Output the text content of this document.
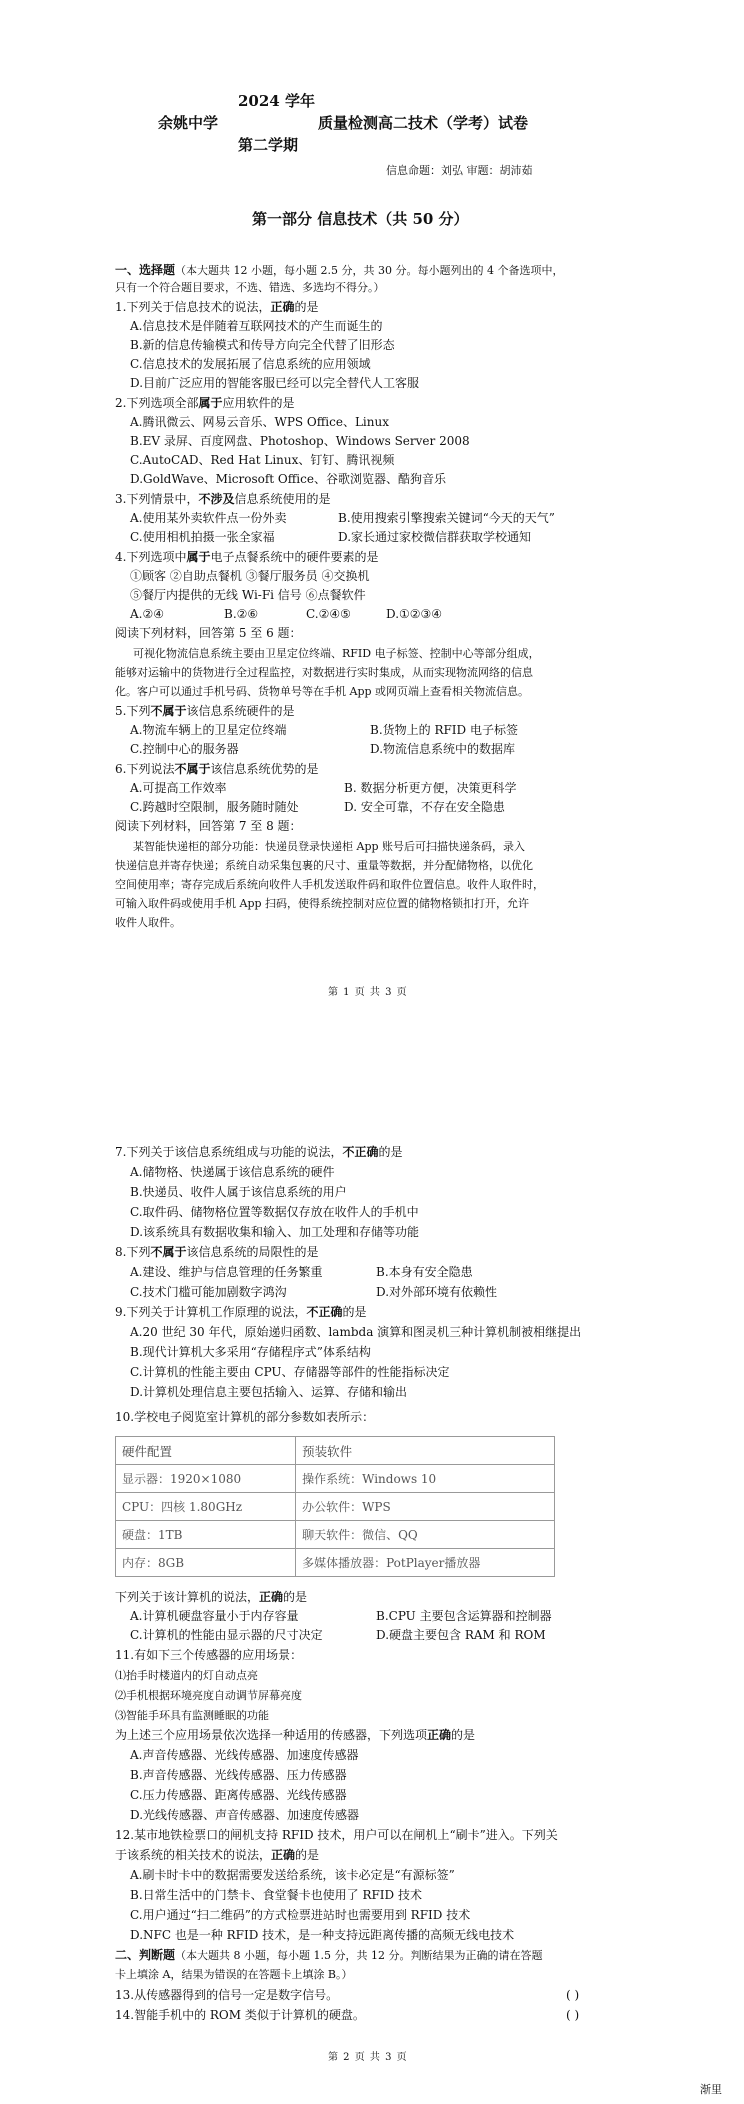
2024 学年
余姚中学	质量检测高二技术（学考）试卷
第二学期
信息命题：刘弘 审题：胡沛茹
第一部分 信息技术（共 50 分）
一、选择题（本大题共 12 小题，每小题 2.5 分，共 30 分。每小题列出的 4 个备选项中，
只有一个符合题目要求，不选、错选、多选均不得分。）
1.下列关于信息技术的说法，正确的是
A.信息技术是伴随着互联网技术的产生而诞生的
B.新的信息传输模式和传导方向完全代替了旧形态
C.信息技术的发展拓展了信息系统的应用领域
D.目前广泛应用的智能客服已经可以完全替代人工客服
2.下列选项全部属于应用软件的是
A.腾讯微云、网易云音乐、WPS Office、Linux
B.EV 录屏、百度网盘、Photoshop、Windows Server 2008
C.AutoCAD、Red Hat Linux、钉钉、腾讯视频
D.GoldWave、Microsoft Office、谷歌浏览器、酷狗音乐
3.下列情景中，不涉及信息系统使用的是
A.使用某外卖软件点一份外卖	B.使用搜索引擎搜索关键词“今天的天气”
C.使用相机拍摄一张全家福	D.家长通过家校微信群获取学校通知
4.下列选项中属于电子点餐系统中的硬件要素的是
①顾客 ②自助点餐机 ③餐厅服务员 ④交换机
⑤餐厅内提供的无线 Wi-Fi 信号 ⑥点餐软件
A.②④	B.②⑥	C.②④⑤	D.①②③④
阅读下列材料，回答第 5 至 6 题：
可视化物流信息系统主要由卫星定位终端、RFID 电子标签、控制中心等部分组成，
能够对运输中的货物进行全过程监控，对数据进行实时集成，从而实现物流网络的信息
化。客户可以通过手机号码、货物单号等在手机 App 或网页端上查看相关物流信息。
5.下列不属于该信息系统硬件的是
A.物流车辆上的卫星定位终端	B.货物上的 RFID 电子标签
C.控制中心的服务器	D.物流信息系统中的数据库
6.下列说法不属于该信息系统优势的是
A.可提高工作效率	B. 数据分析更方便，决策更科学
C.跨越时空限制，服务随时随处	D. 安全可靠，不存在安全隐患
阅读下列材料，回答第 7 至 8 题：
某智能快递柜的部分功能：快递员登录快递柜 App 账号后可扫描快递条码，录入
快递信息并寄存快递；系统自动采集包裹的尺寸、重量等数据，并分配储物格，以优化
空间使用率；寄存完成后系统向收件人手机发送取件码和取件位置信息。收件人取件时，
可输入取件码或使用手机 App 扫码，使得系统控制对应位置的储物格锁扣打开，允许
收件人取件。
第 1 页 共 3 页
7.下列关于该信息系统组成与功能的说法，不正确的是
A.储物格、快递属于该信息系统的硬件
B.快递员、收件人属于该信息系统的用户
C.取件码、储物格位置等数据仅存放在收件人的手机中
D.该系统具有数据收集和输入、加工处理和存储等功能
8.下列不属于该信息系统的局限性的是
A.建设、维护与信息管理的任务繁重	B.本身有安全隐患
C.技术门槛可能加剧数字鸿沟	D.对外部环境有依赖性
9.下列关于计算机工作原理的说法，不正确的是
A.20 世纪 30 年代，原始递归函数、lambda 演算和图灵机三种计算机制被相继提出
B.现代计算机大多采用“存储程序式”体系结构
C.计算机的性能主要由 CPU、存储器等部件的性能指标决定
D.计算机处理信息主要包括输入、运算、存储和输出
10.学校电子阅览室计算机的部分参数如表所示：
硬件配置	预装软件
显示器：1920×1080	操作系统：Windows 10
CPU：四核 1.80GHz	办公软件：WPS
硬盘：1TB	聊天软件：微信、QQ
内存：8GB	多媒体播放器：PotPlayer播放器
下列关于该计算机的说法，正确的是
A.计算机硬盘容量小于内存容量	B.CPU 主要包含运算器和控制器
C.计算机的性能由显示器的尺寸决定	D.硬盘主要包含 RAM 和 ROM
11.有如下三个传感器的应用场景：
⑴抬手时楼道内的灯自动点亮
⑵手机根据环境亮度自动调节屏幕亮度
⑶智能手环具有监测睡眠的功能
为上述三个应用场景依次选择一种适用的传感器，下列选项正确的是
A.声音传感器、光线传感器、加速度传感器
B.声音传感器、光线传感器、压力传感器
C.压力传感器、距离传感器、光线传感器
D.光线传感器、声音传感器、加速度传感器
12.某市地铁检票口的闸机支持 RFID 技术，用户可以在闸机上“刷卡”进入。下列关
于该系统的相关技术的说法，正确的是
A.刷卡时卡中的数据需要发送给系统，该卡必定是“有源标签”
B.日常生活中的门禁卡、食堂餐卡也使用了 RFID 技术
C.用户通过“扫二维码”的方式检票进站时也需要用到 RFID 技术
D.NFC 也是一种 RFID 技术，是一种支持远距离传播的高频无线电技术
二、判断题（本大题共 8 小题，每小题 1.5 分，共 12 分。判断结果为正确的请在答题
卡上填涂 A，结果为错误的在答题卡上填涂 B。）
13.从传感器得到的信号一定是数字信号。	( )
14.智能手机中的 ROM 类似于计算机的硬盘。	( )
第 2 页 共 3 页
渐里
